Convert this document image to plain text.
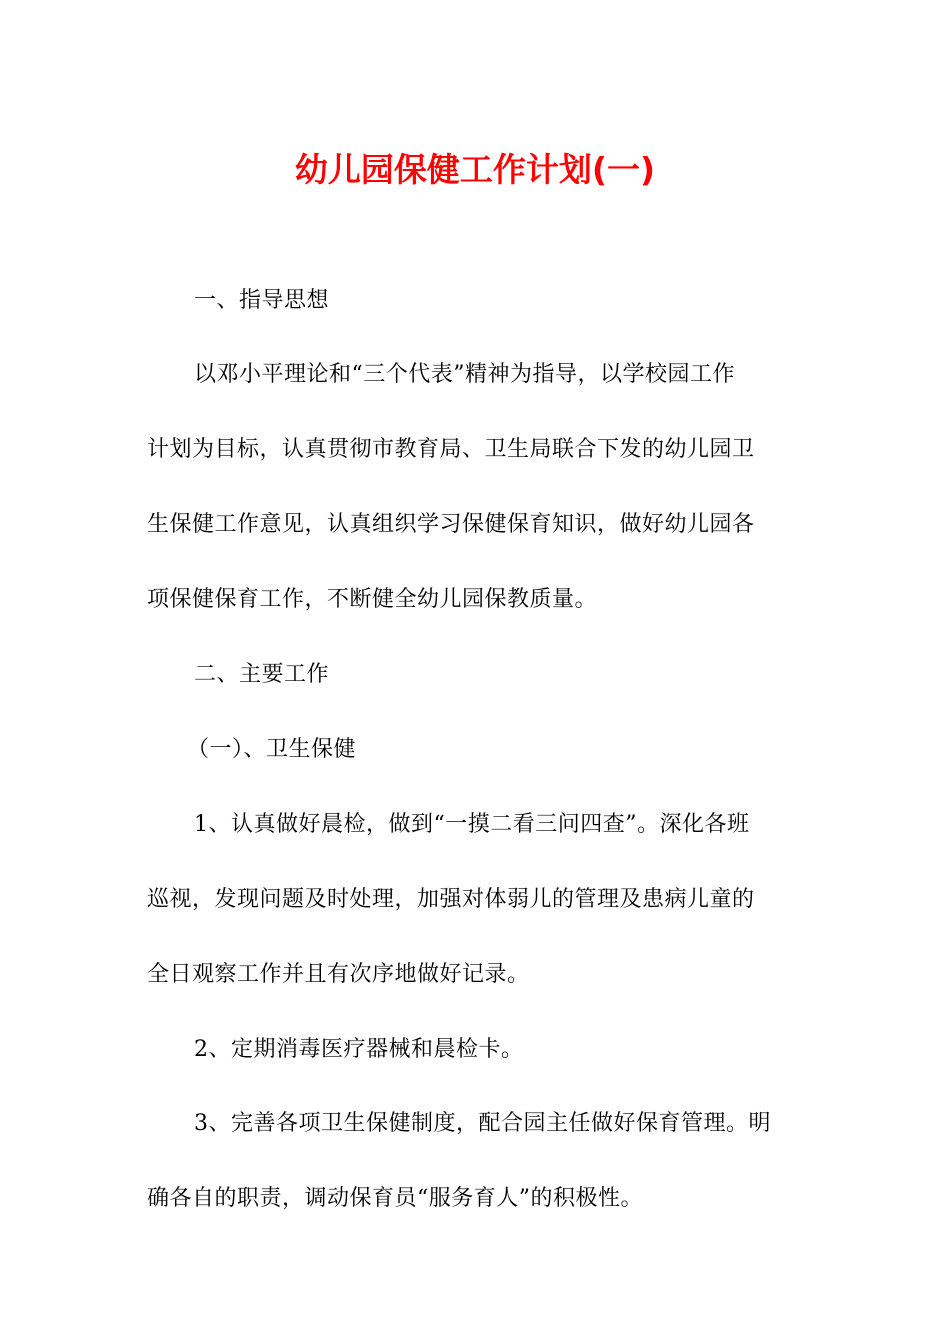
幼儿园保健工作计划(一)
一、指导思想
以邓小平理论和“三个代表”精神为指导，以学校园工作
计划为目标，认真贯彻市教育局、卫生局联合下发的幼儿园卫
生保健工作意见，认真组织学习保健保育知识，做好幼儿园各
项保健保育工作，不断健全幼儿园保教质量。
二、主要工作
（一）、卫生保健
1、认真做好晨检，做到“一摸二看三问四查”。深化各班
巡视，发现问题及时处理，加强对体弱儿的管理及患病儿童的
全日观察工作并且有次序地做好记录。
2、定期消毒医疗器械和晨检卡。
3、完善各项卫生保健制度，配合园主任做好保育管理。明
确各自的职责，调动保育员“服务育人”的积极性。
